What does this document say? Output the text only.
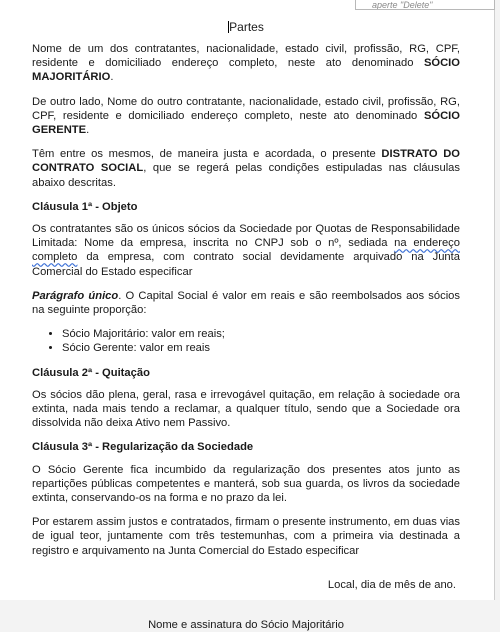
aperte "Delete"
Partes

Nome de um dos contratantes, nacionalidade, estado civil, profissão, RG, CPF, residente e domiciliado endereço completo, neste ato denominado SÓCIO MAJORITÁRIO.

De outro lado, Nome do outro contratante, nacionalidade, estado civil, profissão, RG, CPF, residente e domiciliado endereço completo, neste ato denominado SÓCIO GERENTE.

Têm entre os mesmos, de maneira justa e acordada, o presente DISTRATO DO CONTRATO SOCIAL, que se regerá pelas condições estipuladas nas cláusulas abaixo descritas.

Cláusula 1ª - Objeto

Os contratantes são os únicos sócios da Sociedade por Quotas de Responsabilidade Limitada: Nome da empresa, inscrita no CNPJ sob o nº, sediada na endereço completo da empresa, com contrato social devidamente arquivado na Junta Comercial do Estado especificar

Parágrafo único. O Capital Social é valor em reais e são reembolsados aos sócios na seguinte proporção:

• Sócio Majoritário: valor em reais;
• Sócio Gerente: valor em reais
Cláusula 2ª - Quitação

Os sócios dão plena, geral, rasa e irrevogável quitação, em relação à sociedade ora extinta, nada mais tendo a reclamar, a qualquer título, sendo que a Sociedade ora dissolvida não deixa Ativo nem Passivo.

Cláusula 3ª - Regularização da Sociedade

O Sócio Gerente fica incumbido da regularização dos presentes atos junto as repartições públicas competentes e manterá, sob sua guarda, os livros da sociedade extinta, conservando-os na forma e no prazo da lei.

Por estarem assim justos e contratados, firmam o presente instrumento, em duas vias de igual teor, juntamente com três testemunhas, com a primeira via destinada a registro e arquivamento na Junta Comercial do Estado especificar

Local, dia de mês de ano.
Nome e assinatura do Sócio Majoritário
